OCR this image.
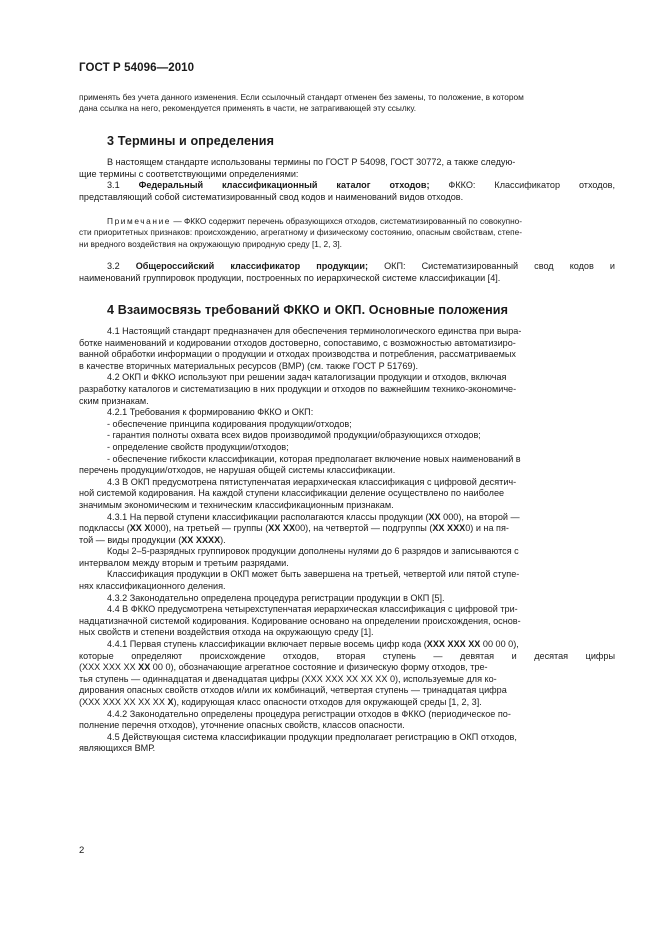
ГОСТ Р 54096—2010

применять без учета данного изменения. Если ссылочный стандарт отменен без замены, то положение, в котором

дана ссылка на него, рекомендуется применять в части, не затрагивающей эту ссылку.

3 Термины и определения

В настоящем стандарте использованы термины по ГОСТ Р 54098, ГОСТ 30772, а также следую-

щие термины с соответствующими определениями:

3.1 Федеральный классификационный каталог отходов; ФККО: Классификатор отходов,

представляющий собой систематизированный свод кодов и наименований видов отходов.

Примечание — ФККО содержит перечень образующихся отходов, систематизированный по совокупно-

сти приоритетных признаков: происхождению, агрегатному и физическому состоянию, опасным свойствам, степе-

ни вредного воздействия на окружающую природную среду [1, 2, 3].

3.2 Общероссийский классификатор продукции; ОКП: Систематизированный свод кодов и

наименований группировок продукции, построенных по иерархической системе классификации [4].

4 Взаимосвязь требований ФККО и ОКП. Основные положения

4.1 Настоящий стандарт предназначен для обеспечения терминологического единства при выра-

ботке наименований и кодировании отходов достоверно, сопоставимо, с возможностью автоматизиро-

ванной обработки информации о продукции и отходах производства и потребления, рассматриваемых

в качестве вторичных материальных ресурсов (ВМР) (см. также ГОСТ Р 51769).

4.2 ОКП и ФККО используют при решении задач каталогизации продукции и отходов, включая

разработку каталогов и систематизацию в них продукции и отходов по важнейшим технико-экономиче-

ским признакам.

4.2.1 Требования к формированию ФККО и ОКП:

- обеспечение принципа кодирования продукции/отходов;

- гарантия полноты охвата всех видов производимой продукции/образующихся отходов;

- определение свойств продукции/отходов;

- обеспечение гибкости классификации, которая предполагает включение новых наименований в

перечень продукции/отходов, не нарушая общей системы классификации.

4.3 В ОКП предусмотрена пятиступенчатая иерархическая классификация с цифровой десятич-

ной системой кодирования. На каждой ступени классификации деление осуществлено по наиболее

значимым экономическим и техническим классификационным признакам.

4.3.1 На первой ступени классификации располагаются классы продукции (XX 000), на второй —

подклассы (XX X000), на третьей — группы (XX XX00), на четвертой — подгруппы (XX XXX0) и на пя-

той — виды продукции (XX XXXX).

Коды 2–5-разрядных группировок продукции дополнены нулями до 6 разрядов и записываются с

интервалом между вторым и третьим разрядами.

Классификация продукции в ОКП может быть завершена на третьей, четвертой или пятой ступе-

нях классификационного деления.

4.3.2 Законодательно определена процедура регистрации продукции в ОКП [5].

4.4 В ФККО предусмотрена четырехступенчатая иерархическая классификация с цифровой три-

надцатизначной системой кодирования. Кодирование основано на определении происхождения, основ-

ных свойств и степени воздействия отхода на окружающую среду [1].

4.4.1 Первая ступень классификации включает первые восемь цифр кода (XXX XXX XX 00 00 0),

которые определяют происхождение отходов, вторая ступень — девятая и десятая цифры

(XXX XXX XX XX 00 0), обозначающие агрегатное состояние и физическую форму отходов, тре-

тья ступень — одиннадцатая и двенадцатая цифры (XXX XXX XX XX XX 0), используемые для ко-

дирования опасных свойств отходов и/или их комбинаций, четвертая ступень — тринадцатая цифра

(XXX XXX XX XX XX X), кодирующая класс опасности отходов для окружающей среды [1, 2, 3].

4.4.2 Законодательно определены процедура регистрации отходов в ФККО (периодическое по-

полнение перечня отходов), уточнение опасных свойств, классов опасности.

4.5 Действующая система классификации продукции предполагает регистрацию в ОКП отходов,

являющихся ВМР.

2
